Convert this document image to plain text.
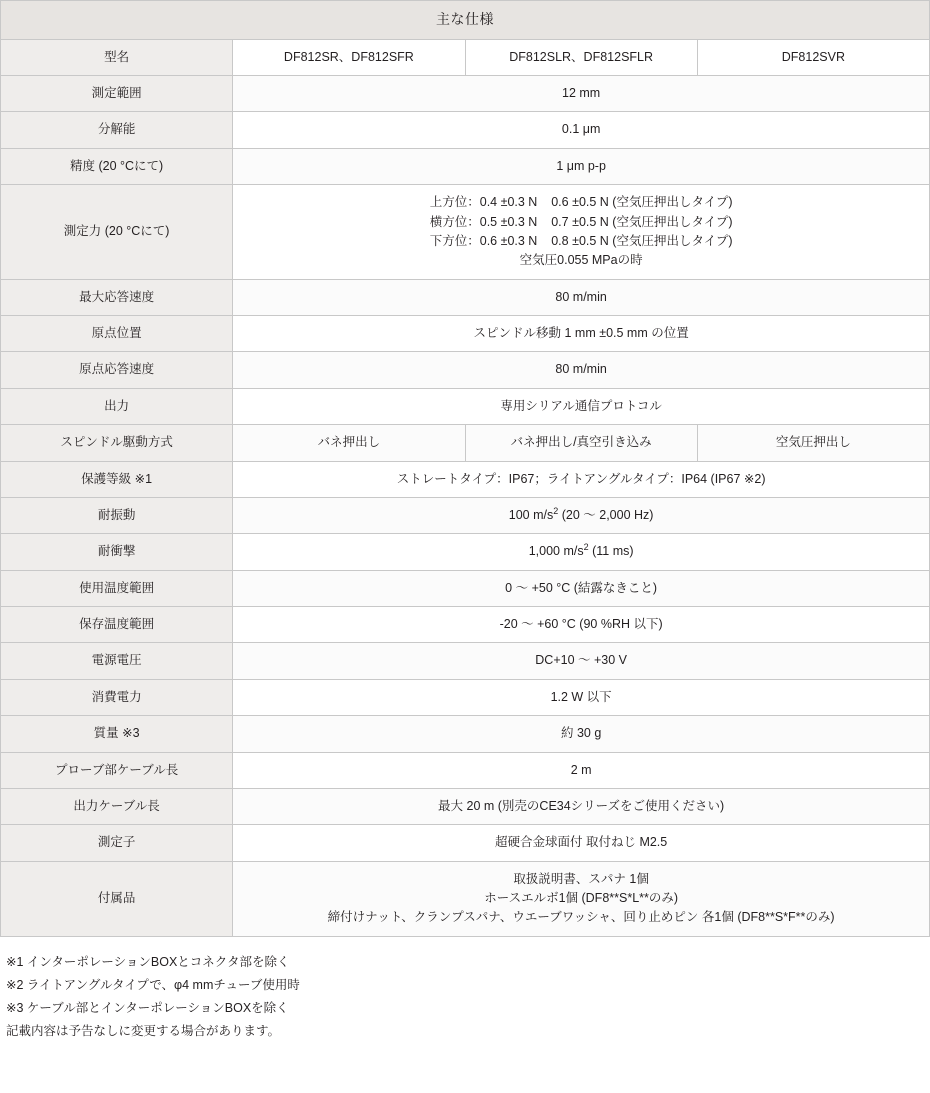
主な仕様			
型名	DF812SR、DF812SFR	DF812SLR、DF812SFLR	DF812SVR
測定範囲	12 mm		
分解能	0.1 μm		
精度 (20 °Cにて)	1 μm p-p		
測定力 (20 °Cにて)	上方位：0.4 ±0.3 N    0.6 ±0.5 N (空気圧押出しタイプ)
横方位：0.5 ±0.3 N    0.7 ±0.5 N (空気圧押出しタイプ)
下方位：0.6 ±0.3 N    0.8 ±0.5 N (空気圧押出しタイプ)
空気圧0.055 MPaの時		

最大応答速度	80 m/min		
原点位置	スピンドル移動 1 mm ±0.5 mm の位置		
原点応答速度	80 m/min		
出力	専用シリアル通信プロトコル		
スピンドル駆動方式	バネ押出し	バネ押出し/真空引き込み	空気圧押出し
保護等級 ※1	ストレートタイプ：IP67；ライトアングルタイプ：IP64 (IP67 ※2)		
耐振動	100 $m/s^2$ (20 ～ 2,000 Hz)		
耐衝撃	1,000 $m/s^2$ (11 ms)		
使用温度範囲	0 ～ +50 °C (結露なきこと)		
保存温度範囲	-20 ～ +60 °C (90 %RH 以下)		
電源電圧	DC+10 ～ +30 V		
消費電力	1.2 W 以下		
質量 ※3	約 30 g		
プローブ部ケーブル長	2 m		
出力ケーブル長	最大 20 m (別売のCE34シリーズをご使用ください)		
測定子	超硬合金球面付 取付ねじ M2.5		
付属品	取扱説明書、スパナ 1個
ホースエルボ1個 (DF8**S*L**のみ)
締付けナット、クランプスパナ、ウエーブワッシャ、回り止めピン 各1個 (DF8**S*F**のみ)		
※1 インターポレーションBOXとコネクタ部を除く
※2 ライトアングルタイプで、φ4 mmチューブ使用時
※3 ケーブル部とインターポレーションBOXを除く
記載内容は予告なしに変更する場合があります。
